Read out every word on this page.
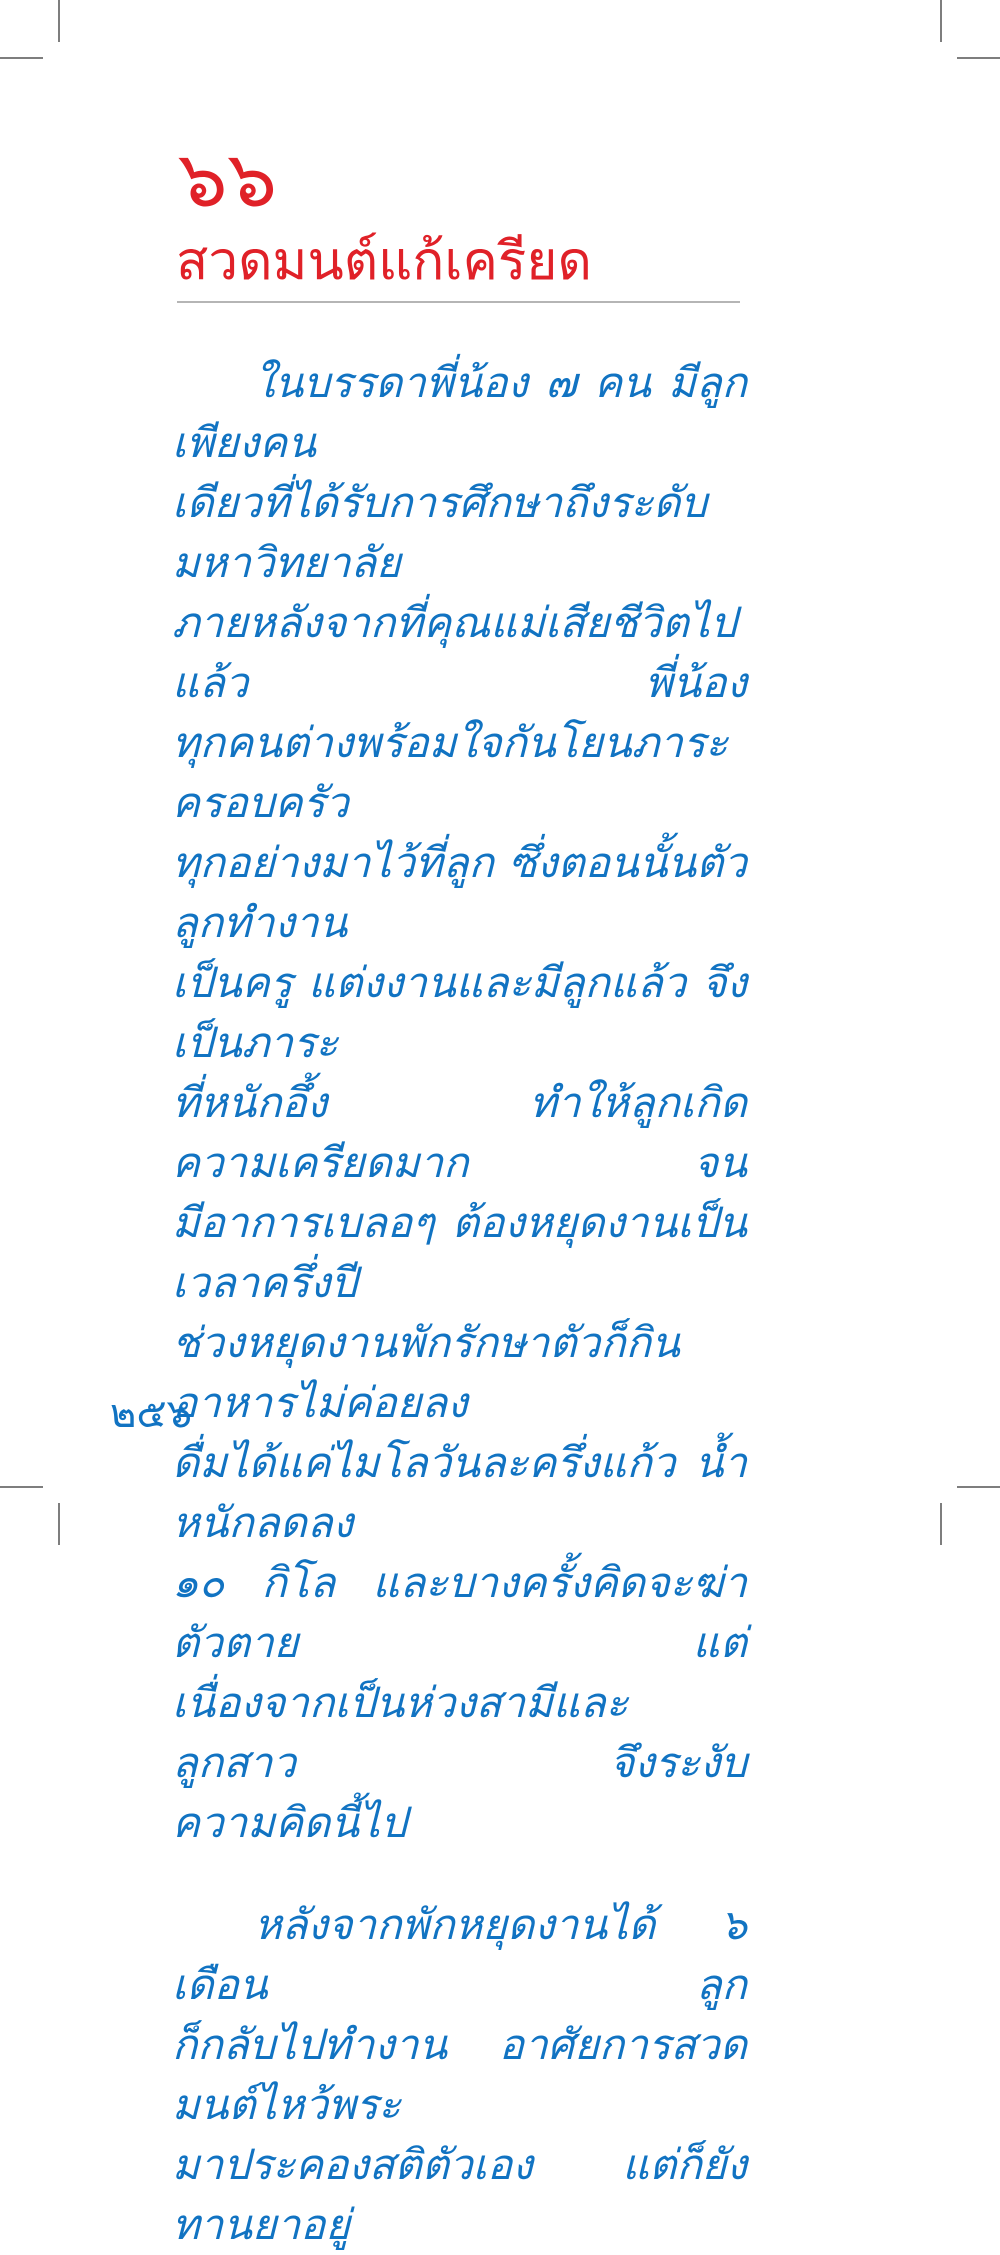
๖๖
สวดมนต์แก้เครียด
ในบรรดาพี่น้อง ๗ คน มีลูกเพียงคน
เดียวที่ได้รับการศึกษาถึงระดับมหาวิทยาลัย
ภายหลังจากที่คุณแม่เสียชีวิตไปแล้ว พี่น้อง
ทุกคนต่างพร้อมใจกันโยนภาระครอบครัว
ทุกอย่างมาไว้ที่ลูก ซึ่งตอนนั้นตัวลูกทำงาน
เป็นครู แต่งงานและมีลูกแล้ว จึงเป็นภาระ
ที่หนักอึ้ง ทำให้ลูกเกิดความเครียดมาก จน
มีอาการเบลอๆ ต้องหยุดงานเป็นเวลาครึ่งปี
ช่วงหยุดงานพักรักษาตัวก็กินอาหารไม่ค่อยลง
ดื่มได้แค่ไมโลวันละครึ่งแก้ว น้ำหนักลดลง
๑๐ กิโล และบางครั้งคิดจะฆ่าตัวตาย แต่
เนื่องจากเป็นห่วงสามีและลูกสาว จึงระงับ
ความคิดนี้ไป
หลังจากพักหยุดงานได้ ๖ เดือน ลูก
ก็กลับไปทำงาน อาศัยการสวดมนต์ไหว้พระ
มาประคองสติตัวเอง แต่ก็ยังทานยาอยู่
๒๕๖
